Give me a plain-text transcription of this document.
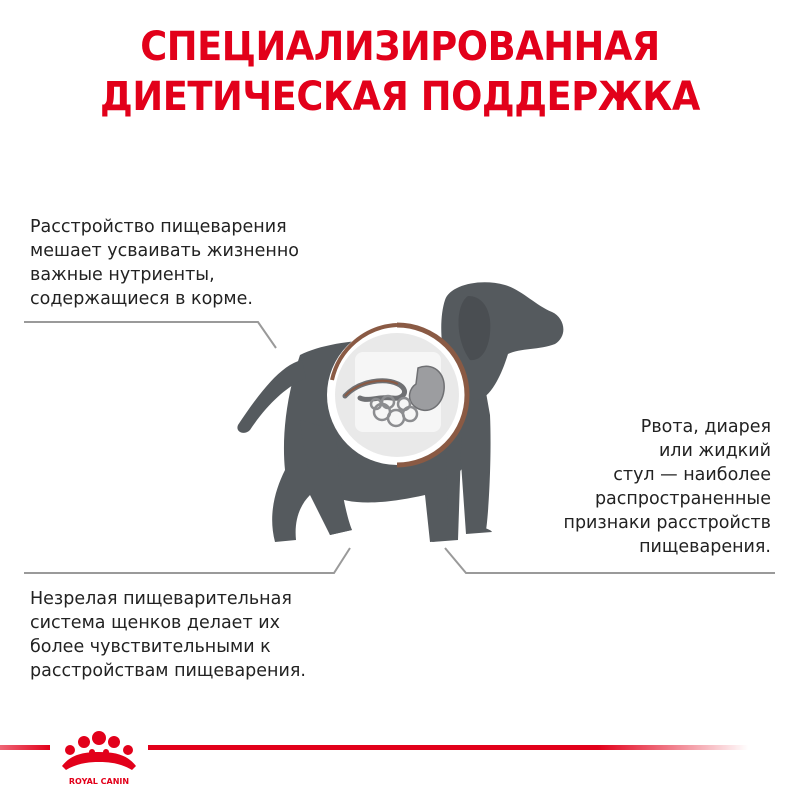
СПЕЦИАЛИЗИРОВАННАЯ
ДИЕТИЧЕСКАЯ ПОДДЕРЖКА
ROYAL CANIN

Расстройство пищеварения
мешает усваивать жизненно
важные нутриенты,
содержащиеся в корме.

Рвота, диарея
или жидкий
стул — наиболее
распространенные
признаки расстройств
пищеварения.

Незрелая пищеварительная
система щенков делает их
более чувствительными к
расстройствам пищеварения.
